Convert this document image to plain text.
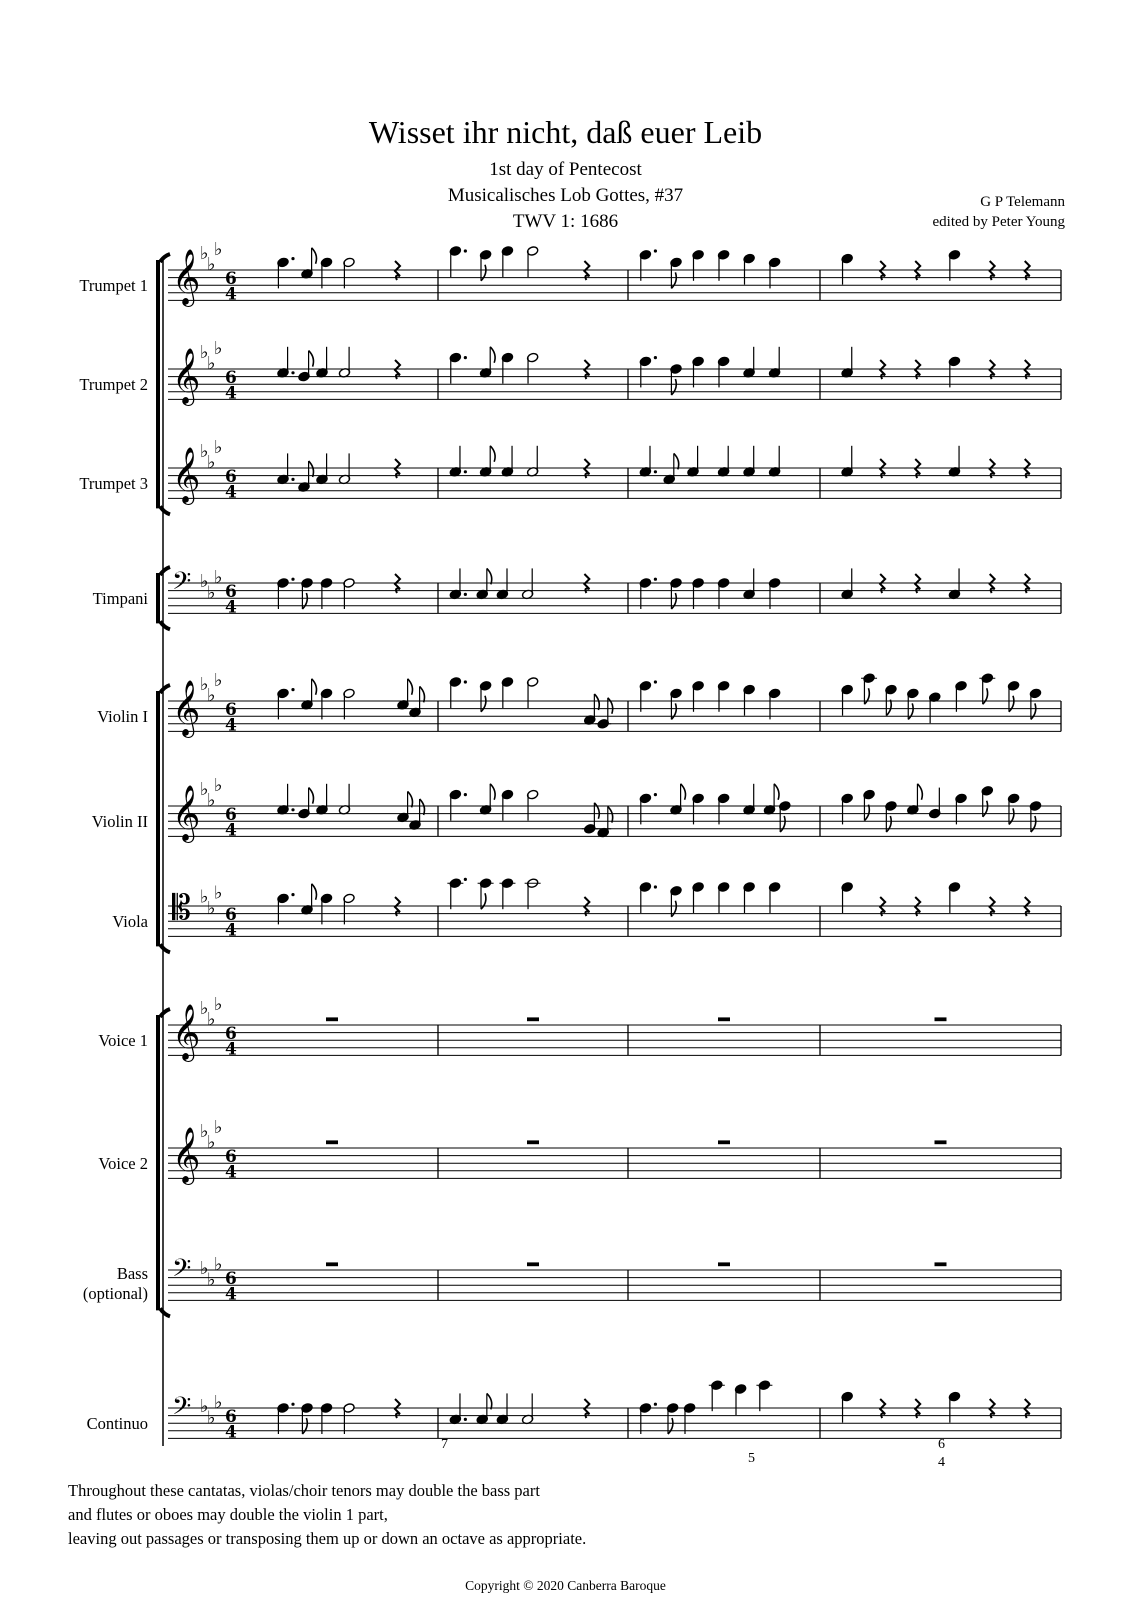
Wisset ihr nicht, daß euer Leib
1st day of Pentecost
Musicalisches Lob Gottes, #37
TWV 1: 1686
G P Telemann
edited by Peter Young
𝄞 ♭
♭
♭
6
4
Trumpet 1
𝄞 ♭
♭
♭
6
4
Trumpet 2
𝄞 ♭
♭
♭
6
4
Trumpet 3
𝄢 ♭
♭
♭
6
4
Timpani
𝄞 ♭
♭
♭
6
4
Violin I
𝄞 ♭
♭
♭
6
4
Violin II
𝄡 ♭
♭
♭
6
4
Viola
𝄞 ♭
♭
♭
6
4
Voice 1
𝄞 ♭
♭
♭
6
4
Voice 2
𝄢 ♭
♭
♭
6
4
Bass
(optional)
𝄢 ♭
♭
♭
6
4
Continuo
7
5
6
4
Throughout these cantatas, violas/choir tenors may double the bass part
and flutes or oboes may double the violin 1 part,
leaving out passages or transposing them up or down an octave as appropriate.
Copyright © 2020 Canberra Baroque
